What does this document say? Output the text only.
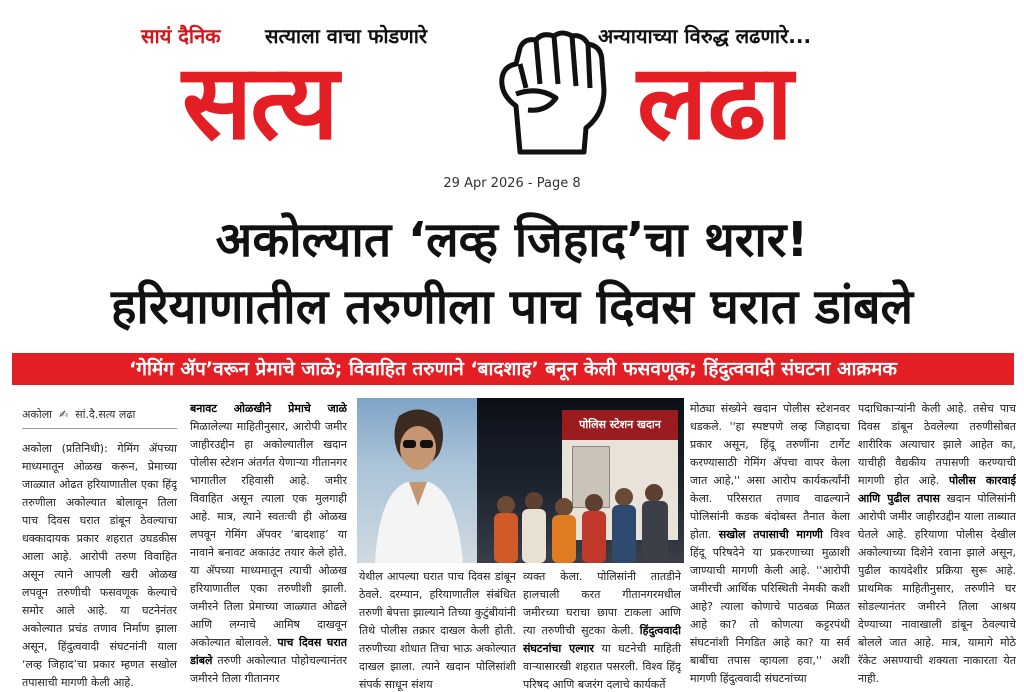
सायं दैनिक सत्याला वाचा फोडणारे	अन्यायाच्या विरुद्ध लढणारे...
सत्य	लढा
29 Apr 2026 - Page 8
अकोल्यात ‘लव्ह जिहाद’चा थरार!
हरियाणातील तरुणीला पाच दिवस घरात डांबले
‘गेमिंग ॲप’वरून प्रेमाचे जाळे; विवाहित तरुणाने ‘बादशाह’ बनून केली फसवणूक; हिंदुत्ववादी संघटना आक्रमक
अकोला  ✍  सां.दै.सत्य लढा
अकोला (प्रतिनिधी): गेमिंग ॲपच्या माध्यमातून ओळख करून, प्रेमाच्या जाळ्यात ओढत हरियाणातील एका हिंदू तरुणीला अकोल्यात बोलावून तिला पाच दिवस घरात डांबून ठेवल्याचा धक्कादायक प्रकार शहरात उघडकीस आला आहे. आरोपी तरुण विवाहित असून त्याने आपली खरी ओळख लपवून तरुणीची फसवणूक केल्याचे समोर आले आहे. या घटनेनंतर अकोल्यात प्रचंड तणाव निर्माण झाला असून, हिंदुत्ववादी संघटनांनी याला ‘लव्ह जिहाद’चा प्रकार म्हणत सखोल तपासाची मागणी केली आहे.
बनावट ओळखीने प्रेमाचे जाळे मिळालेल्या माहितीनुसार, आरोपी जमीर जाहीरउद्दीन हा अकोल्यातील खदान पोलीस स्टेशन अंतर्गत येणाऱ्या गीतानगर भागातील रहिवासी आहे. जमीर विवाहित असून त्याला एक मुलगाही आहे. मात्र, त्याने स्वतःची ही ओळख लपवून गेमिंग ॲपवर ‘बादशाह’ या नावाने बनावट अकाउंट तयार केले होते. या ॲपच्या माध्यमातून त्याची ओळख हरियाणातील एका तरुणीशी झाली. जमीरने तिला प्रेमाच्या जाळ्यात ओढले आणि लग्नाचे आमिष दाखवून अकोल्यात बोलावले. पाच दिवस घरात डांबले तरुणी अकोल्यात पोहोचल्यानंतर जमीरने तिला गीतानगर
पोलिस स्टेशन खदान
येथील आपल्या घरात पाच दिवस डांबून ठेवले. दरम्यान, हरियाणातील संबंधित तरुणी बेपत्ता झाल्याने तिच्या कुटुंबीयांनी तिथे पोलीस तक्रार दाखल केली होती. तरुणीच्या शोधात तिचा भाऊ अकोल्यात दाखल झाला. त्याने खदान पोलिसांशी संपर्क साधून संशय
व्यक्त केला. पोलिसांनी तातडीने हालचाली करत गीतानगरमधील जमीरच्या घराचा छापा टाकला आणि त्या तरुणीची सुटका केली. हिंदुत्ववादी संघटनांचा एल्गार या घटनेची माहिती वाऱ्यासारखी शहरात पसरली. विश्व हिंदू परिषद आणि बजरंग दलाचे कार्यकर्ते
मोठ्या संख्येने खदान पोलीस स्टेशनवर धडकले. ''हा स्पष्टपणे लव्ह जिहादचा प्रकार असून, हिंदू तरुणींना टार्गेट करण्यासाठी गेमिंग ॲपचा वापर केला जात आहे,'' असा आरोप कार्यकर्त्यांनी केला. परिसरात तणाव वाढल्याने पोलिसांनी कडक बंदोबस्त तैनात केला होता. सखोल तपासाची मागणी विश्व हिंदू परिषदेने या प्रकरणाच्या मुळाशी जाण्याची मागणी केली आहे. ''आरोपी जमीरची आर्थिक परिस्थिती नेमकी कशी आहे? त्याला कोणाचे पाठबळ मिळत आहे का? तो कोणत्या कट्टरपंथी संघटनांशी निगडित आहे का? या सर्व बाबींचा तपास व्हायला हवा,'' अशी मागणी हिंदुत्ववादी संघटनांच्या
पदाधिकाऱ्यांनी केली आहे. तसेच पाच दिवस डांबून ठेवलेल्या तरुणीसोबत शारीरिक अत्याचार झाले आहेत का, याचीही वैद्यकीय तपासणी करण्याची मागणी होत आहे. पोलीस कारवाई आणि पुढील तपास खदान पोलिसांनी आरोपी जमीर जाहीरउद्दीन याला ताब्यात घेतले आहे. हरियाणा पोलीस देखील अकोल्याच्या दिशेने रवाना झाले असून, पुढील कायदेशीर प्रक्रिया सुरू आहे. प्राथमिक माहितीनुसार, तरुणीने घर सोडल्यानंतर जमीरने तिला आश्रय देण्याच्या नावाखाली डांबून ठेवल्याचे बोलले जात आहे. मात्र, यामागे मोठे रॅकेट असण्याची शक्यता नाकारता येत नाही.
